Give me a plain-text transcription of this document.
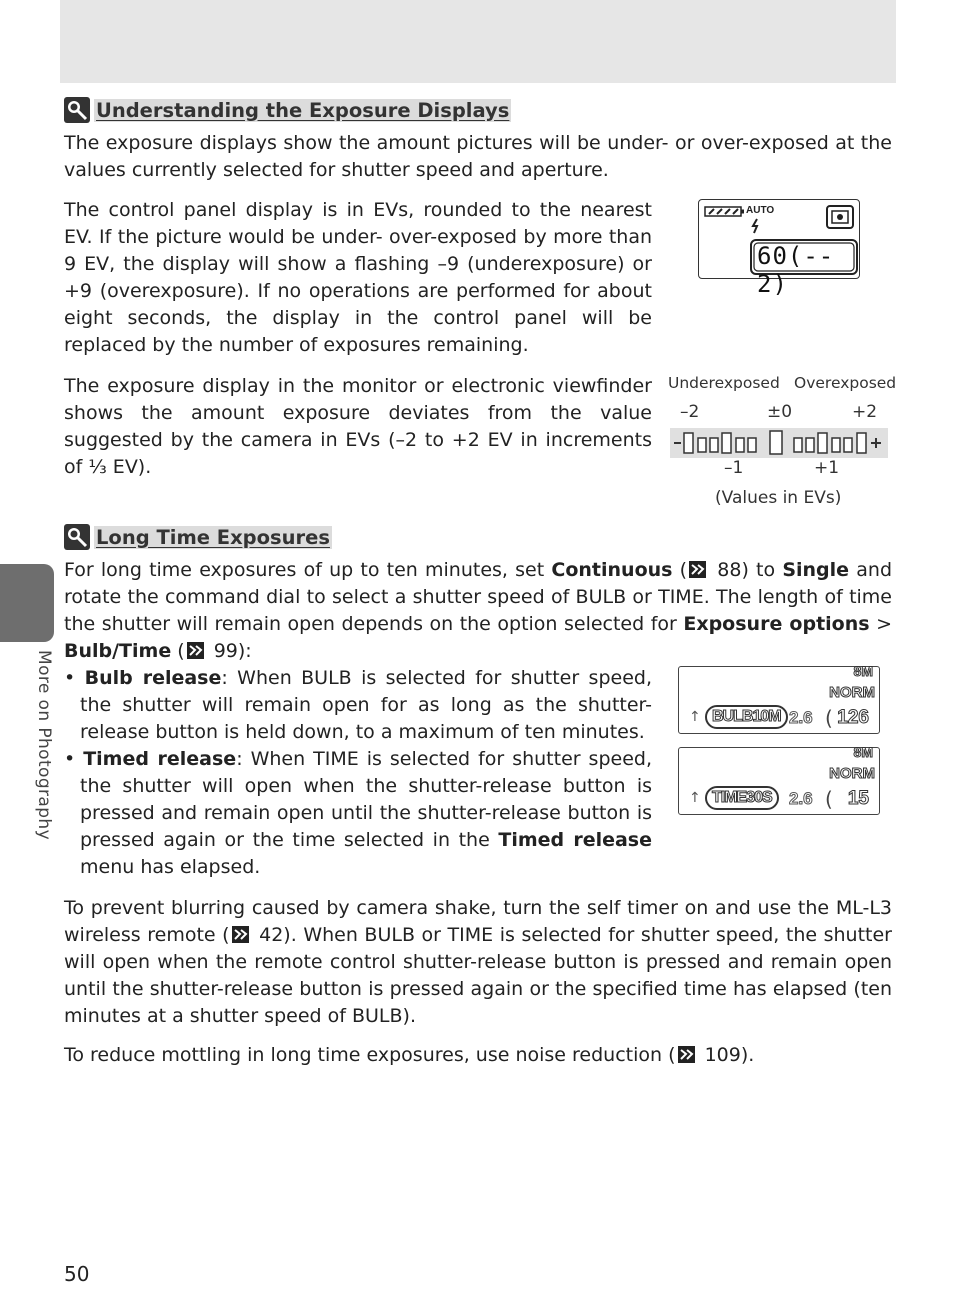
More on Photography
Understanding the Exposure Displays
The exposure displays show the amount pictures will be under- or over-exposed at the values currently selected for shutter speed and aperture.
The control panel display is in EVs, rounded to the nearest EV. If the picture would be under- over-exposed by more than 9 EV, the display will show a flashing –9 (underexposure) or +9 (overexposure). If no operations are performed for about eight seconds, the display in the control panel will be replaced by the number of exposures remaining.
AUTO
60(-- 2)
The exposure display in the monitor or electronic viewfinder shows the amount exposure deviates from the value suggested by the camera in EVs (–2 to +2 EV in increments of ⅓ EV).
Underexposed Overexposed
–2	±0	+2
–1	+1
(Values in EVs)
Long Time Exposures
For long time exposures of up to ten minutes, set Continuous ( 88) to Single and rotate the command dial to select a shutter speed of BULB or TIME. The length of time the shutter will remain open depends on the option selected for Exposure options > Bulb/Time ( 99):
• Bulb release: When BULB is selected for shutter speed, the shutter will remain open for as long as the shutter-release button is held down, to a maximum of ten minutes.
• Timed release: When TIME is selected for shutter speed, the shutter will open when the shutter-release button is pressed and remain open until the shutter-release button is pressed again or the time selected in the Timed release menu has elapsed.
8M
NORM
↑ BULB10M 2.6 126
(
8M
NORM
↑ TIME30S	2.6 15
(
To prevent blurring caused by camera shake, turn the self timer on and use the ML-L3 wireless remote ( 42). When BULB or TIME is selected for shutter speed, the shutter will open when the remote control shutter-release button is pressed and remain open until the shutter-release button is pressed again or the specified time has elapsed (ten minutes at a shutter speed of BULB).
To reduce mottling in long time exposures, use noise reduction ( 109).
50
